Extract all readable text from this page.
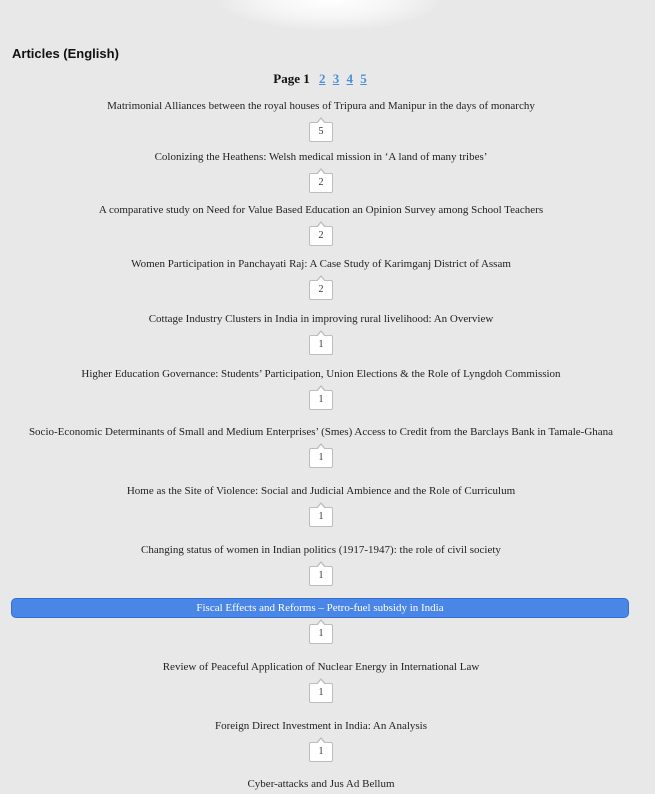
Articles (English)
Page 1 2 3 4 5
Matrimonial Alliances between the royal houses of Tripura and Manipur in the days of monarchy
5
Colonizing the Heathens: Welsh medical mission in ‘A land of many tribes’
2
A comparative study on Need for Value Based Education an Opinion Survey among School Teachers
2
Women Participation in Panchayati Raj: A Case Study of Karimganj District of Assam
2
Cottage Industry Clusters in India in improving rural livelihood: An Overview
1
Higher Education Governance: Students’ Participation, Union Elections & the Role of Lyngdoh Commission
1
Socio-Economic Determinants of Small and Medium Enterprises’ (Smes) Access to Credit from the Barclays Bank in Tamale-Ghana
1
Home as the Site of Violence: Social and Judicial Ambience and the Role of Curriculum
1
Changing status of women in Indian politics (1917-1947): the role of civil society
1
Fiscal Effects and Reforms – Petro-fuel subsidy in India
1
Review of Peaceful Application of Nuclear Energy in International Law
1
Foreign Direct Investment in India: An Analysis
1
Cyber-attacks and Jus Ad Bellum
